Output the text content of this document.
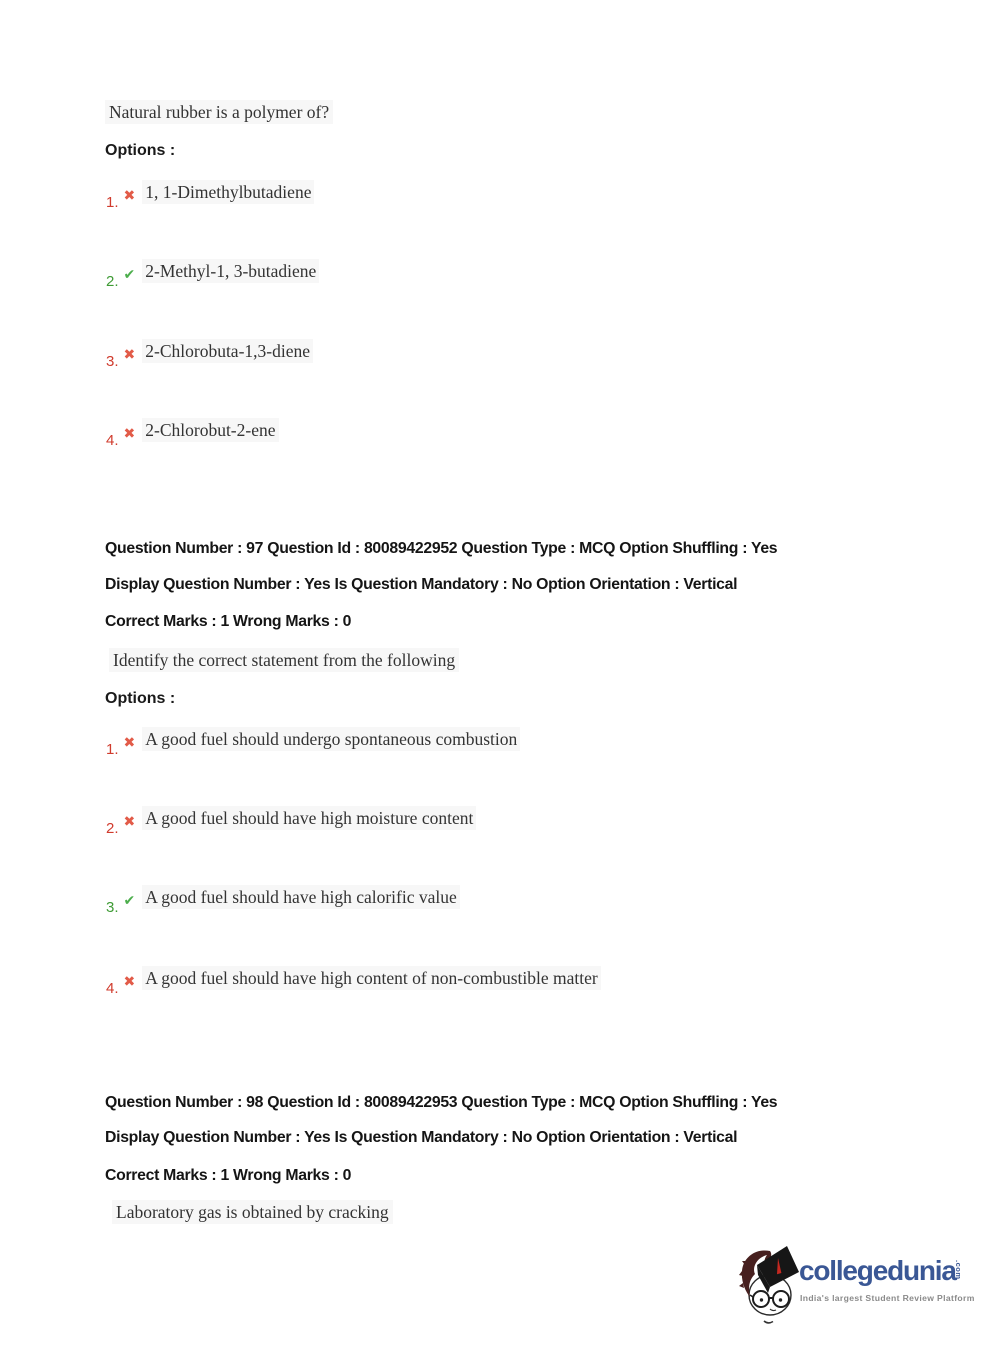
Natural rubber is a polymer of?
Options :
1. ✖ 1, 1-Dimethylbutadiene
2. ✔ 2-Methyl-1, 3-butadiene
3. ✖ 2-Chlorobuta-1,3-diene
4. ✖ 2-Chlorobut-2-ene
Question Number : 97 Question Id : 80089422952 Question Type : MCQ Option Shuffling : Yes
Display Question Number : Yes Is Question Mandatory : No Option Orientation : Vertical
Correct Marks : 1 Wrong Marks : 0
Identify the correct statement from the following
Options :
1. ✖ A good fuel should undergo spontaneous combustion
2. ✖ A good fuel should have high moisture content
3. ✔ A good fuel should have high calorific value
4. ✖ A good fuel should have high content of non-combustible matter
Question Number : 98 Question Id : 80089422953 Question Type : MCQ Option Shuffling : Yes
Display Question Number : Yes Is Question Mandatory : No Option Orientation : Vertical
Correct Marks : 1 Wrong Marks : 0
Laboratory gas is obtained by cracking
collegedunia
.com
India's largest Student Review Platform
